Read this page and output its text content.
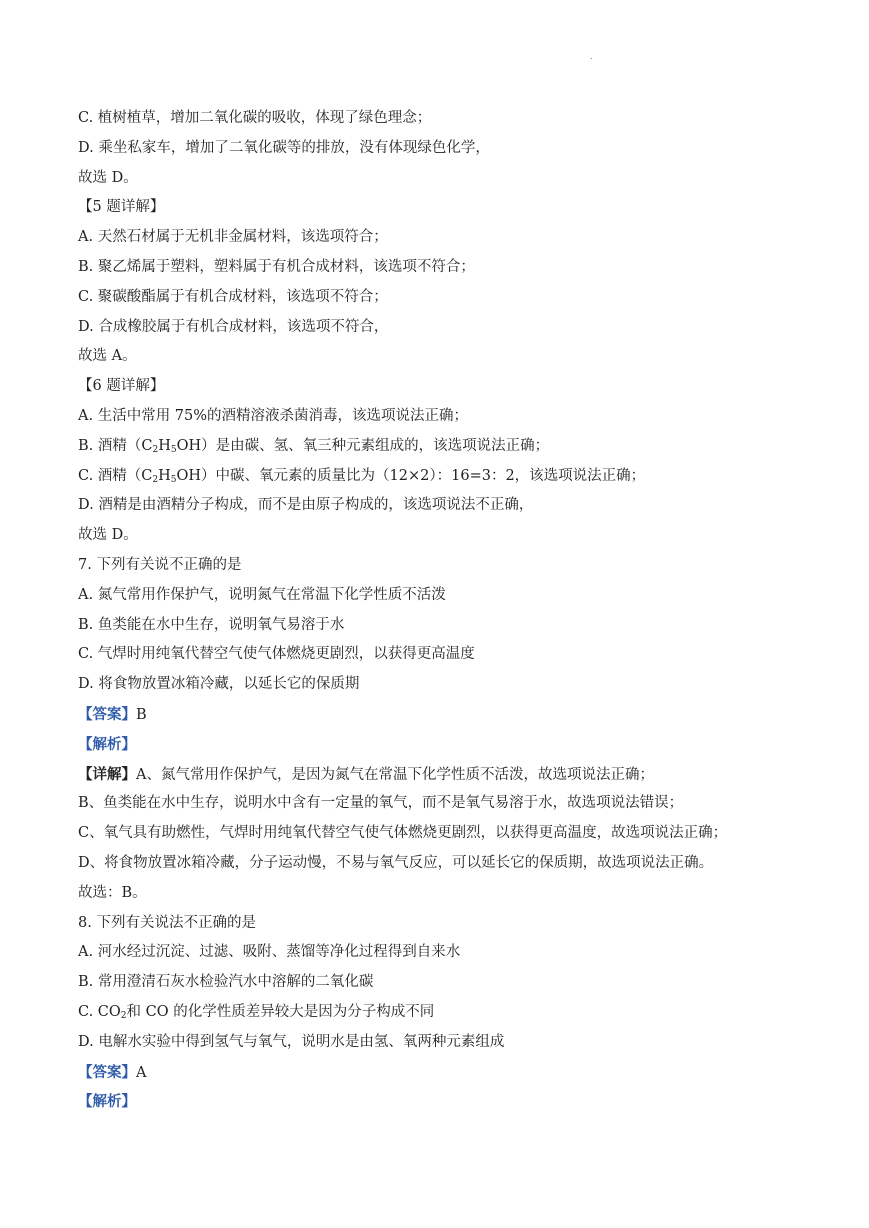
.
C. 植树植草，增加二氧化碳的吸收，体现了绿色理念；
D. 乘坐私家车，增加了二氧化碳等的排放，没有体现绿色化学，
故选 D。
【5 题详解】
A. 天然石材属于无机非金属材料，该选项符合；
B. 聚乙烯属于塑料，塑料属于有机合成材料，该选项不符合；
C. 聚碳酸酯属于有机合成材料，该选项不符合；
D. 合成橡胶属于有机合成材料，该选项不符合，
故选 A。
【6 题详解】
A. 生活中常用 75%的酒精溶液杀菌消毒，该选项说法正确；
B. 酒精$(C_2H_5OH)$是由碳、氢、氧三种元素组成的，该选项说法正确；
C. 酒精$(C_2H_5OH)$中碳、氧元素的质量比为（12×2）：16=3：2，该选项说法正确；
D. 酒精是由酒精分子构成，而不是由原子构成的，该选项说法不正确，
故选 D。
7. 下列有关说不正确的是
A. 氮气常用作保护气，说明氮气在常温下化学性质不活泼
B. 鱼类能在水中生存，说明氧气易溶于水
C. 气焊时用纯氧代替空气使气体燃烧更剧烈，以获得更高温度
D. 将食物放置冰箱冷藏，以延长它的保质期
【答案】B
【解析】
【详解】A、氮气常用作保护气，是因为氮气在常温下化学性质不活泼，故选项说法正确；
B、鱼类能在水中生存，说明水中含有一定量的氧气，而不是氧气易溶于水，故选项说法错误；
C、氧气具有助燃性，气焊时用纯氧代替空气使气体燃烧更剧烈，以获得更高温度，故选项说法正确；
D、将食物放置冰箱冷藏，分子运动慢，不易与氧气反应，可以延长它的保质期，故选项说法正确。
故选：B。
8. 下列有关说法不正确的是
A. 河水经过沉淀、过滤、吸附、蒸馏等净化过程得到自来水
B. 常用澄清石灰水检验汽水中溶解的二氧化碳
C. $CO_2$和 CO 的化学性质差异较大是因为分子构成不同
D. 电解水实验中得到氢气与氧气，说明水是由氢、氧两种元素组成
【答案】A
【解析】
